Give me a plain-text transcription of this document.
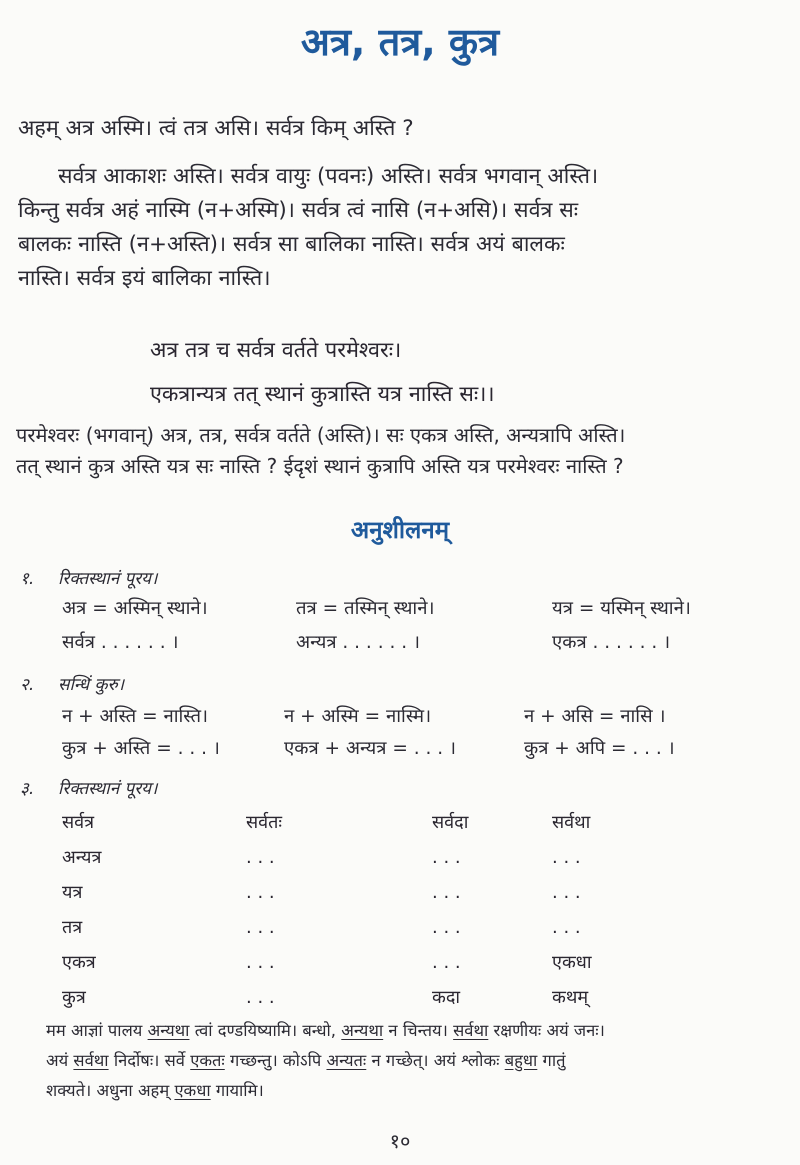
अत्र, तत्र, कुत्र
अहम् अत्र अस्मि। त्वं तत्र असि। सर्वत्र किम् अस्ति ?
सर्वत्र आकाशः अस्ति। सर्वत्र वायुः (पवनः) अस्ति। सर्वत्र भगवान् अस्ति।
किन्तु सर्वत्र अहं नास्मि (न+अस्मि)। सर्वत्र त्वं नासि (न+असि)। सर्वत्र सः
बालकः नास्ति (न+अस्ति)। सर्वत्र सा बालिका नास्ति। सर्वत्र अयं बालकः
नास्ति। सर्वत्र इयं बालिका नास्ति।
अत्र तत्र च सर्वत्र वर्तते परमेश्वरः।
एकत्रान्यत्र तत् स्थानं कुत्रास्ति यत्र नास्ति सः।।
परमेश्वरः (भगवान्) अत्र, तत्र, सर्वत्र वर्तते (अस्ति)। सः एकत्र अस्ति, अन्यत्रापि अस्ति।
तत् स्थानं कुत्र अस्ति यत्र सः नास्ति ? ईदृशं स्थानं कुत्रापि अस्ति यत्र परमेश्वरः नास्ति ?
अनुशीलनम्
१. रिक्तस्थानं पूरय।
अत्र = अस्मिन् स्थाने।	तत्र = तस्मिन् स्थाने।	यत्र = यस्मिन् स्थाने।
सर्वत्र . . . . . . ।	अन्यत्र . . . . . . ।	एकत्र . . . . . . ।
२. सन्धिं कुरु।
न + अस्ति = नास्ति।	न + अस्मि = नास्मि।	न + असि = नासि ।
कुत्र + अस्ति = . . . ।	एकत्र + अन्यत्र = . . . ।	कुत्र + अपि = . . . ।
३. रिक्तस्थानं पूरय।
सर्वत्र	सर्वतः	सर्वदा	सर्वथा
अन्यत्र	. . .	. . .	. . .
यत्र	. . .	. . .	. . .
तत्र	. . .	. . .	. . .
एकत्र	. . .	. . .	एकधा
कुत्र	. . .	कदा	कथम्
मम आज्ञां पालय अन्यथा त्वां दण्डयिष्यामि। बन्धो, अन्यथा न चिन्तय। सर्वथा रक्षणीयः अयं जनः।
अयं सर्वथा निर्दोषः। सर्वे एकतः गच्छन्तु। कोऽपि अन्यतः न गच्छेत्। अयं श्लोकः बहुधा गातुं
शक्यते। अधुना अहम् एकधा गायामि।
१०
